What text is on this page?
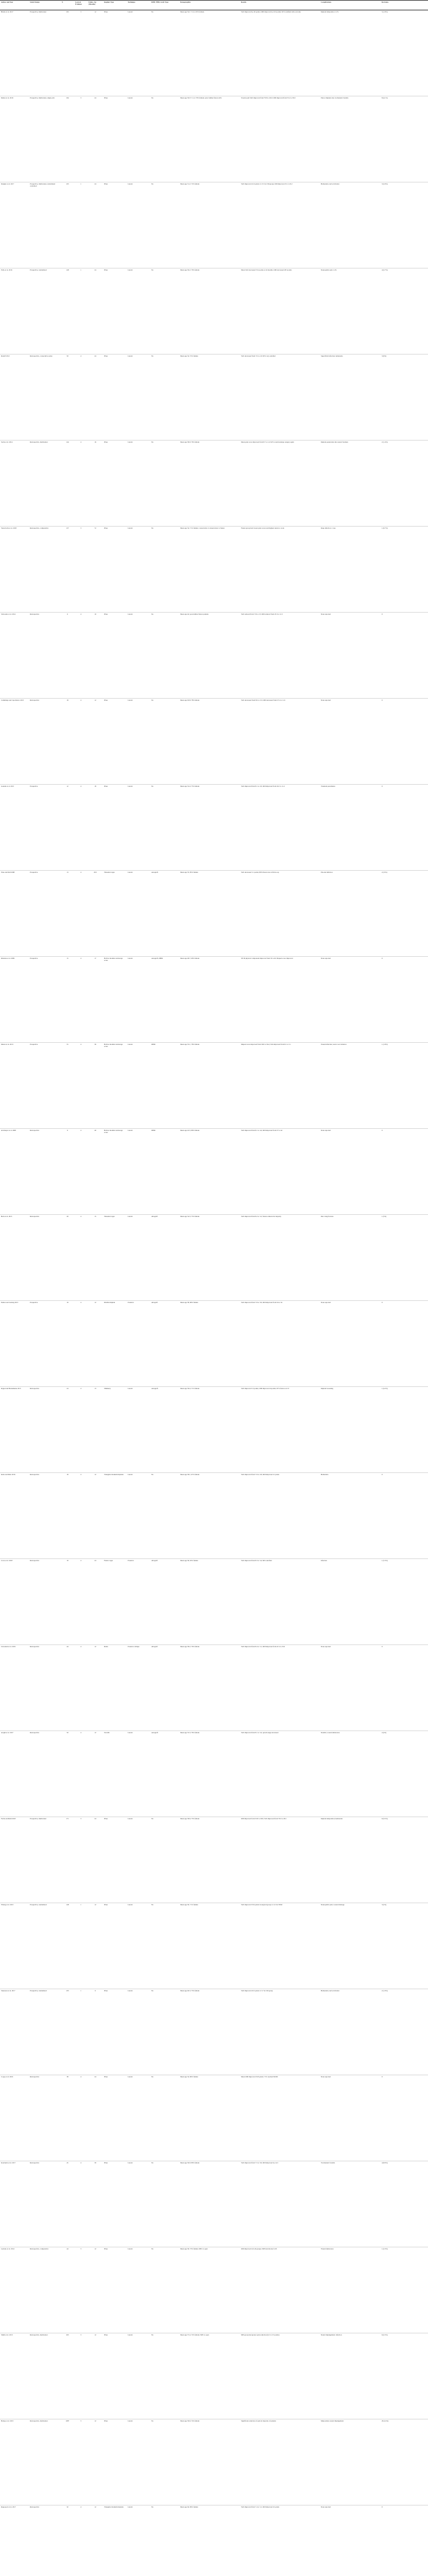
Author and Year	Study Design	N	Level of Evidence	Follow-Up (Months)	Implant Type	Technique	RHP, TBM, Graft Type	Demographics	Results	Complications	Revisions
Bindra et al. 2017	Prospective, multicenter	165	3	12	iFuse	Lateral	No	Mean age 54.1 ± 12.2; 65% female	VAS improved by 40 points; ODI improved by 22.6 points; 92% satisfied with outcome	Implant malposition 1.2%	3 (1.8%)
Duhon et al. 2016	Prospective, multicenter, single-arm	194	3	24	iFuse	Lateral	No	Mean age 50.9 ± 11.2; 70% female; prior lumbar fusion 44%	SI joint pain VAS improved from 79.8 to 26.0; ODI improved from 55.2 to 30.9	Pain at implant site; trochanteric bursitis	8 (4.1%)
Dengler et al. 2017	Prospective, multicenter, randomized controlled	103	1	24	iFuse	Lateral	No	Mean age 51.2; 72% female	VAS improved 41.6 points vs 15.5 in CM group; ODI improved 25.1 vs 8.2	Hematoma; nerve irritation	3 (2.9%)
Polly et al. 2016	Prospective, randomized	148	1	24	iFuse	Lateral	No	Mean age 50.2; 70% female	Mean VAS decreased 55.4 points at 24 months; ODI decreased 28.3 points	Neuropathic pain 1.4%	4 (2.7%)
Rudolf 2012	Retrospective, consecutive series	50	4	24	iFuse	Lateral	No	Mean age 54; 72% female	VAS decreased from 7.6 to 2.0; 82% very satisfied	Superficial infection; hematoma	3 (6%)
Sachs et al. 2014	Retrospective, multicenter	144	4	16	iFuse	Lateral	No	Mean age 58.9; 76% female	Mean pain score improved from 8.7 to 2.4; 92% would undergo surgery again	Implant penetration into neural foramen	2 (1.4%)
Vanaclocha et al. 2018	Retrospective, comparative	137	3	72	iFuse	Lateral	No	Mean age 54; 71% female; conservative vs denervation vs fusion	Fusion group had lowest pain scores and highest return to work	Deep infection 1 case	1 (0.7%)
Schroeder et al. 2014	Retrospective	6	4	10	iFuse	Lateral	No	Mean age 44; post-lumbar fusion patients	VAS reduced from 7.8 to 2.3; ODI reduced from 23.3 to 12.3	None reported	0
Cummings and Capobianco 2013	Retrospective	18	4	12	iFuse	Lateral	No	Mean age 63.8; 78% female	VAS decreased from 8.9 to 3.3; ODI decreased from 27.2 to 11.6	None reported	0
Gaetani et al. 2013	Prospective	12	4	18	iFuse	Lateral	No	Mean age 52.4; 75% female	VAS improved from 8.1 to 2.6; ODI improved from 34.5 to 11.2	Transient paresthesia	0
Wise and Dall 2008	Prospective	13	4	29.5	Threaded cages	Lateral	Autograft	Mean age 55; 85% female	VAS decreased 5.1 points; 89% fusion rate at follow-up	Pin-site infection	2 (15%)
Khurana et al. 2009	Prospective	15	4	17	Hollow modular anchorage screw	Lateral	Autograft, DBM	Mean age 48.7; 60% female	SF-36 physical component improved from 33 to 62; Majeed score improved	None reported	0
Mason et al. 2013	Prospective	55	4	36	Hollow modular anchorage screw	Lateral	DBM	Mean age 55.1; 78% female	Majeed score improved from 36.8 to 56.4; VAS improved from 8.1 to 5.1	Wound infection; nerve root irritation	1 (1.8%)
Al-Khayer et al. 2008	Retrospective	9	4	40	Hollow modular anchorage screw	Lateral	DBM	Mean age 43.5; 89% female	VAS improved from 8.1 to 4.4; ODI improved from 57 to 44	None reported	0
Beck et al. 2015	Retrospective	20	4	15	Threaded cages	Lateral	Allograft	Mean age 54.3; 75% female	VAS improved from 8.2 to 3.2; fusion achieved in majority	Iliac wing fracture	1 (5%)
Endres and Ludwig 2013	Prospective	19	4	12	DIANA implant	Posterior	Allograft	Mean age 58; 68% female	VAS improved from 7.8 to 3.9; ODI improved from 54 to 34	None reported	0
Rajpal and Burneikiene 2015	Retrospective	24	4	13	SImmetry	Lateral	Autograft	Mean age 59.4; 71% female	VAS improved 5.3 points; ODI improved 24 points; 87% fusion on CT	Implant loosening	1 (4.2%)
Kube and Muir 2016	Retrospective	18	4	12	Triangular titanium implants	Lateral	No	Mean age 58.1; 67% female	VAS improved from 7.9 to 2.8; ODI improved 21 points	Hematoma	0
Cross et al. 2018	Retrospective	19	4	24	Fusion cages	Posterior	Allograft	Mean age 56; 63% female	VAS improved from 8.3 to 3.4; 84% satisfied	Infection	1 (5.3%)
Cleveland et al. 2019	Retrospective	44	4	12	Rialto	Posterior oblique	Allograft	Mean age 58.2; 70% female	VAS improved from 8.4 to 3.1; ODI improved from 47.4 to 23.6	None reported	0
Araghi et al. 2017	Retrospective	50	4	12	SI-LOK	Lateral	Autograft	Mean age 55.3; 76% female	VAS improved from 8.1 to 3.4; opioid usage decreased	Neuritis; wound dehiscence	2 (4%)
Fuchs and Ruhl 2018	Prospective, multicenter	171	3	24	iFuse	Lateral	No	Mean age 58.6; 73% female	ODI improved from 55.8 to 30.9; VAS improved from 79.3 to 28.1	Implant malposition; hematoma	6 (3.5%)
Whang et al. 2015	Prospective, randomized	148	1	12	iFuse	Lateral	No	Mean age 50; 71% female	VAS improved 53.9 points in surgical group vs 12.3 in NSM	Neuropathic pain; wound drainage	3 (2%)
Sturesson et al. 2017	Prospective, randomized	103	1	6	iFuse	Lateral	No	Mean age 49.3; 73% female	VAS improved 43.3 points vs 5.7 in CM group	Hematoma; nerve irritation	2 (1.9%)
Copay et al. 2016	Retrospective	38	4	24	iFuse	Lateral	No	Mean age 54; 66% female	Mean ODI improved 23.8 points; 71% reached MCID	None reported	0
Kancherla et al. 2017	Retrospective	45	4	30	iFuse	Lateral	No	Mean age 56.9; 80% female	VAS improved from 7.5 to 3.9; ODI improved by 14.3	Trochanteric bursitis	4 (8.9%)
Ledonio et al. 2014	Retrospective, comparative	44	3	12	iFuse	Lateral	No	Mean age 56; 73% female; MIS vs open	ODI improved in both groups; MIS had shorter LOS	Wound dehiscence	1 (2.3%)
Smith et al. 2013	Retrospective, multicenter	263	3	12	iFuse	Lateral	No	Mean age 57.4; 72% female; MIS vs open	MIS group had greater pain reduction (6.2 vs 3.3 points)	Neural impingement; infection	6 (2.3%)
Heiney et al. 2015	Retrospective, multicenter	1087	3	12	iFuse	Lateral	No	Mean age 59.6; 74% female	Significant reduction of pain in majority of patients	Malposition; neural impingement	26 (2.4%)
Rappoport et al. 2017	Retrospective	32	4	12	Triangular titanium implants	Lateral	No	Mean age 64; 69% female	VAS improved from 7.4 to 3.1; ODI improved 22 points	None reported	0
